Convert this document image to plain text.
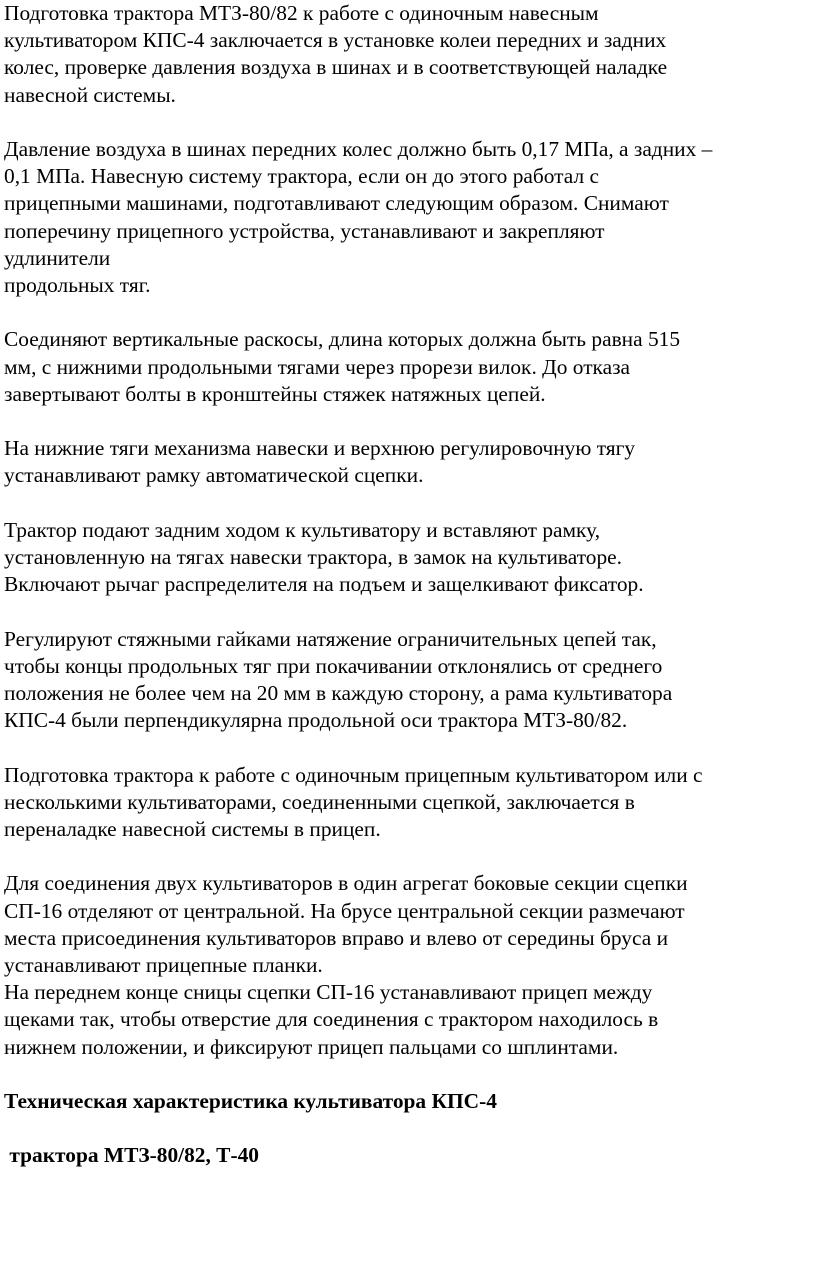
Подготовка трактора МТЗ-80/82 к работе с одиночным навесным
культиватором КПС-4 заключается в установке колеи передних и задних
колес, проверке давления воздуха в шинах и в соответствующей наладке
навесной системы.

Давление воздуха в шинах передних колес должно быть 0,17 МПа, а задних –
0,1 МПа. Навесную систему трактора, если он до этого работал с
прицепными машинами, подготавливают следующим образом. Снимают
поперечину прицепного устройства, устанавливают и закрепляют
удлинители
продольных тяг.

Соединяют вертикальные раскосы, длина которых должна быть равна 515
мм, с нижними продольными тягами через прорези вилок. До отказа
завертывают болты в кронштейны стяжек натяжных цепей.

На нижние тяги механизма навески и верхнюю регулировочную тягу
устанавливают рамку автоматической сцепки.

Трактор подают задним ходом к культиватору и вставляют рамку,
установленную на тягах навески трактора, в замок на культиваторе.
Включают рычаг распределителя на подъем и защелкивают фиксатор.

Регулируют стяжными гайками натяжение ограничительных цепей так,
чтобы концы продольных тяг при покачивании отклонялись от среднего
положения не более чем на 20 мм в каждую сторону, а рама культиватора
КПС-4 были перпендикулярна продольной оси трактора МТЗ-80/82.

Подготовка трактора к работе с одиночным прицепным культиватором или с
несколькими культиваторами, соединенными сцепкой, заключается в
переналадке навесной системы в прицеп.

Для соединения двух культиваторов в один агрегат боковые секции сцепки
СП-16 отделяют от центральной. На брусе центральной секции размечают
места присоединения культиваторов вправо и влево от середины бруса и
устанавливают прицепные планки.
На переднем конце сницы сцепки СП-16 устанавливают прицеп между
щеками так, чтобы отверстие для соединения с трактором находилось в
нижнем положении, и фиксируют прицеп пальцами со шплинтами.

Техническая характеристика культиватора КПС-4

трактора МТЗ-80/82, Т-40
